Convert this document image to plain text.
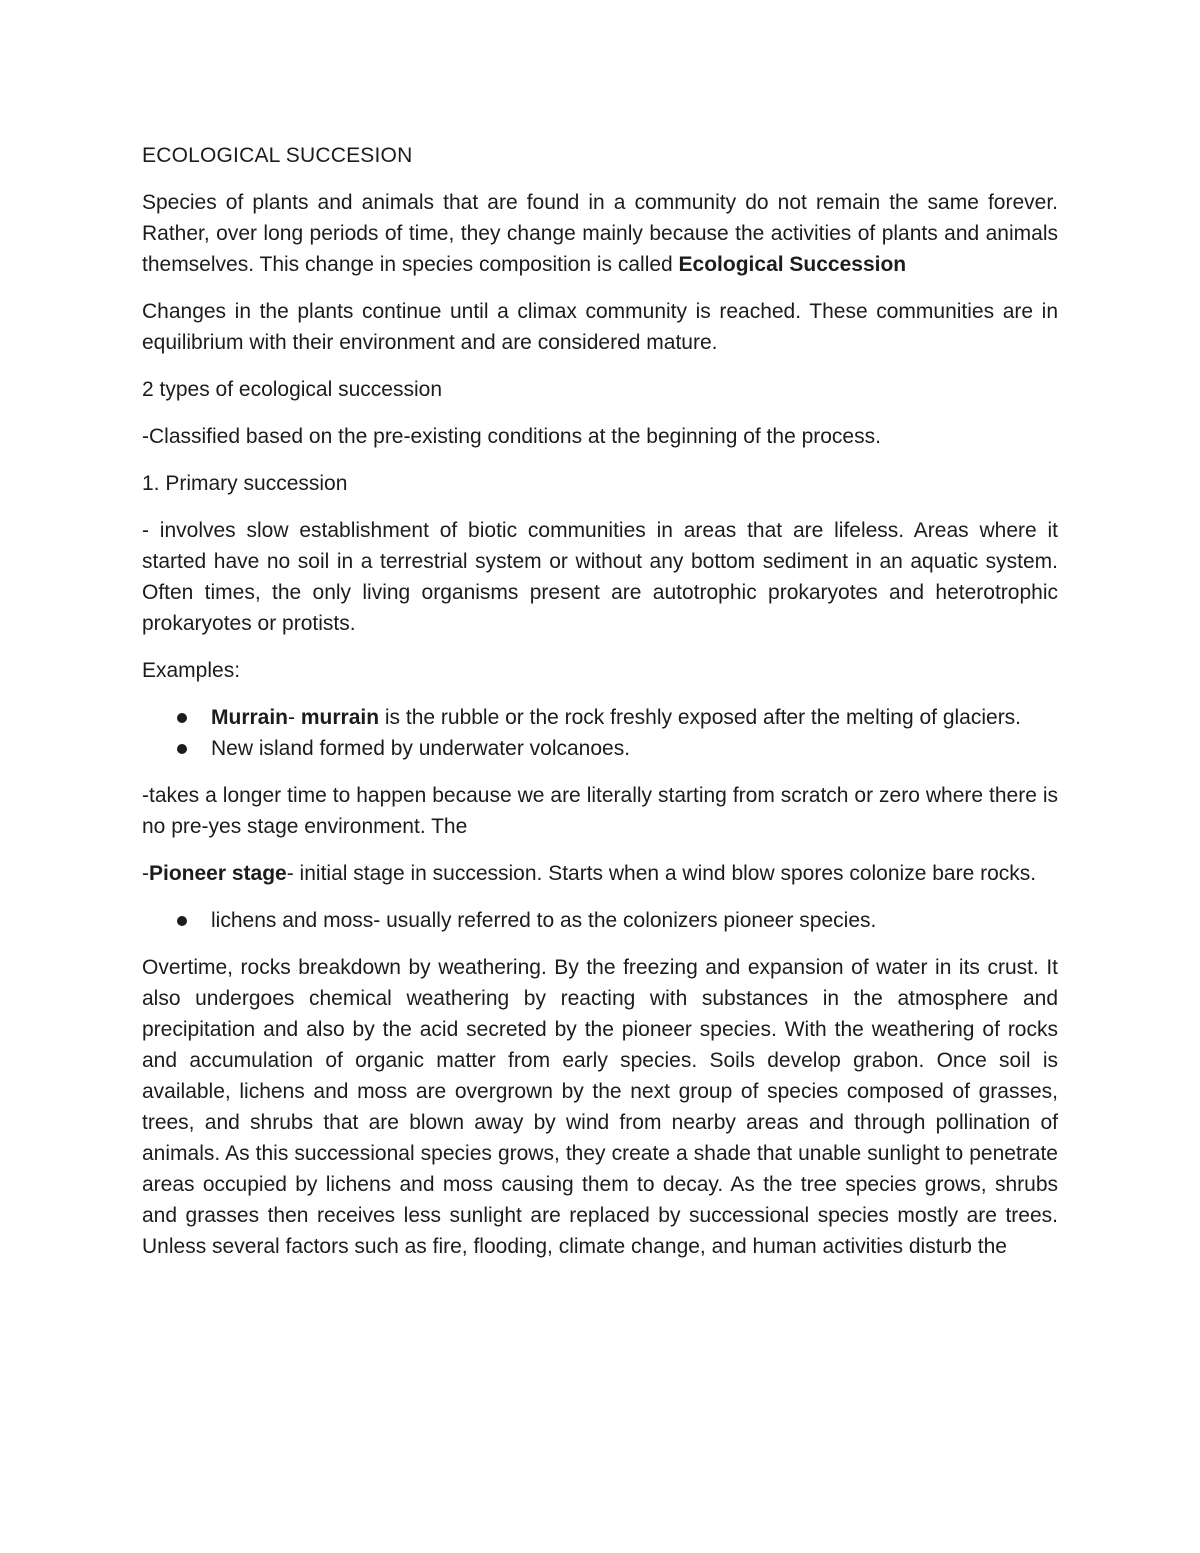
ECOLOGICAL SUCCESION

Species of plants and animals that are found in a community do not remain the same forever. Rather, over long periods of time, they change mainly because the activities of plants and animals themselves. This change in species composition is called Ecological Succession

Changes in the plants continue until a climax community is reached. These communities are in equilibrium with their environment and are considered mature.

2 types of ecological succession

-Classified based on the pre-existing conditions at the beginning of the process.

1. Primary succession

- involves slow establishment of biotic communities in areas that are lifeless. Areas where it started have no soil in a terrestrial system or without any bottom sediment in an aquatic system. Often times, the only living organisms present are autotrophic prokaryotes and heterotrophic prokaryotes or protists.

Examples:

Murrain- murrain is the rubble or the rock freshly exposed after the melting of glaciers.
New island formed by underwater volcanoes.

-takes a longer time to happen because we are literally starting from scratch or zero where there is no pre-yes stage environment. The

-Pioneer stage- initial stage in succession. Starts when a wind blow spores colonize bare rocks.

lichens and moss- usually referred to as the colonizers pioneer species.

Overtime, rocks breakdown by weathering. By the freezing and expansion of water in its crust. It also undergoes chemical weathering by reacting with substances in the atmosphere and precipitation and also by the acid secreted by the pioneer species. With the weathering of rocks and accumulation of organic matter from early species. Soils develop grabon. Once soil is available, lichens and moss are overgrown by the next group of species composed of grasses, trees, and shrubs that are blown away by wind from nearby areas and through pollination of animals. As this successional species grows, they create a shade that unable sunlight to penetrate areas occupied by lichens and moss causing them to decay. As the tree species grows, shrubs and grasses then receives less sunlight are replaced by successional species mostly are trees. Unless several factors such as fire, flooding, climate change, and human activities disturb the
